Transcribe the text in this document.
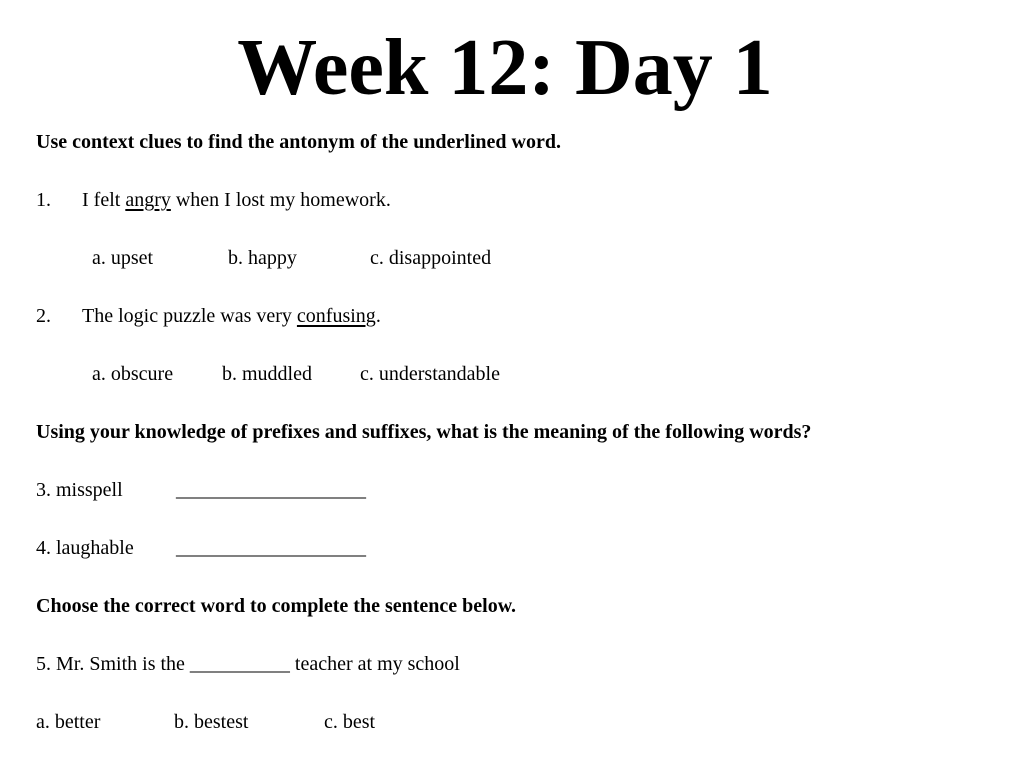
Week 12: Day 1
Use context clues to find the antonym of the underlined word.
1. I felt angry when I lost my homework.
a. upset	b. happy	c. disappointed
2. The logic puzzle was very confusing.
a. obscure b. muddled c. understandable
Using your knowledge of prefixes and suffixes, what is the meaning of the following words?
3. misspell	___________________
4. laughable ___________________
Choose the correct word to complete the sentence below.
5. Mr. Smith is the __________ teacher at my school
a. better	b. bestest	c. best
